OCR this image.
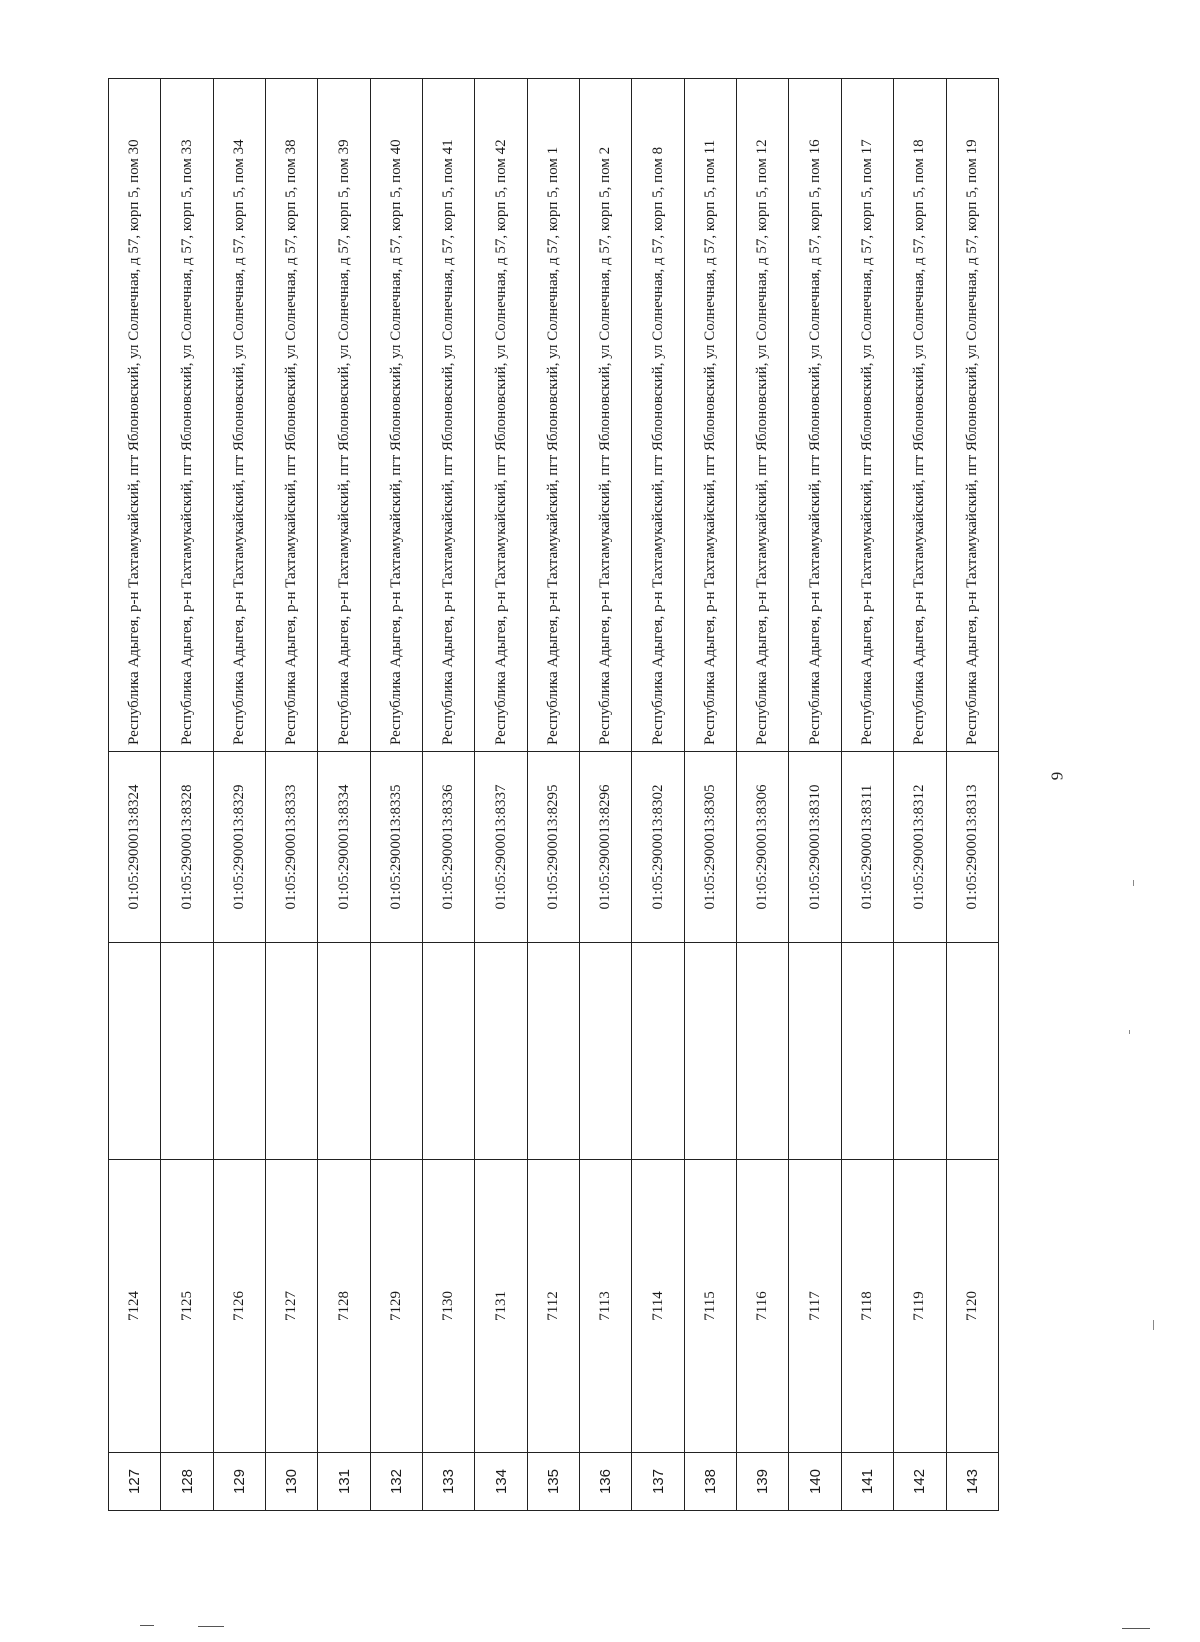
127	7124		01:05:2900013:8324	Республика Адыгея, р-н Тахтамукайский, пгт Яблоновский, ул Солнечная, д 57, корп 5, пом 30
128	7125		01:05:2900013:8328	Республика Адыгея, р-н Тахтамукайский, пгт Яблоновский, ул Солнечная, д 57, корп 5, пом 33
129	7126		01:05:2900013:8329	Республика Адыгея, р-н Тахтамукайский, пгт Яблоновский, ул Солнечная, д 57, корп 5, пом 34
130	7127		01:05:2900013:8333	Республика Адыгея, р-н Тахтамукайский, пгт Яблоновский, ул Солнечная, д 57, корп 5, пом 38
131	7128		01:05:2900013:8334	Республика Адыгея, р-н Тахтамукайский, пгт Яблоновский, ул Солнечная, д 57, корп 5, пом 39
132	7129		01:05:2900013:8335	Республика Адыгея, р-н Тахтамукайский, пгт Яблоновский, ул Солнечная, д 57, корп 5, пом 40
133	7130		01:05:2900013:8336	Республика Адыгея, р-н Тахтамукайский, пгт Яблоновский, ул Солнечная, д 57, корп 5, пом 41
134	7131		01:05:2900013:8337	Республика Адыгея, р-н Тахтамукайский, пгт Яблоновский, ул Солнечная, д 57, корп 5, пом 42
135	7112		01:05:2900013:8295	Республика Адыгея, р-н Тахтамукайский, пгт Яблоновский, ул Солнечная, д 57, корп 5, пом 1
136	7113		01:05:2900013:8296	Республика Адыгея, р-н Тахтамукайский, пгт Яблоновский, ул Солнечная, д 57, корп 5, пом 2
137	7114		01:05:2900013:8302	Республика Адыгея, р-н Тахтамукайский, пгт Яблоновский, ул Солнечная, д 57, корп 5, пом 8
138	7115		01:05:2900013:8305	Республика Адыгея, р-н Тахтамукайский, пгт Яблоновский, ул Солнечная, д 57, корп 5, пом 11
139	7116		01:05:2900013:8306	Республика Адыгея, р-н Тахтамукайский, пгт Яблоновский, ул Солнечная, д 57, корп 5, пом 12
140	7117		01:05:2900013:8310	Республика Адыгея, р-н Тахтамукайский, пгт Яблоновский, ул Солнечная, д 57, корп 5, пом 16
141	7118		01:05:2900013:8311	Республика Адыгея, р-н Тахтамукайский, пгт Яблоновский, ул Солнечная, д 57, корп 5, пом 17
142	7119		01:05:2900013:8312	Республика Адыгея, р-н Тахтамукайский, пгт Яблоновский, ул Солнечная, д 57, корп 5, пом 18
143	7120		01:05:2900013:8313	Республика Адыгея, р-н Тахтамукайский, пгт Яблоновский, ул Солнечная, д 57, корп 5, пом 19
9
